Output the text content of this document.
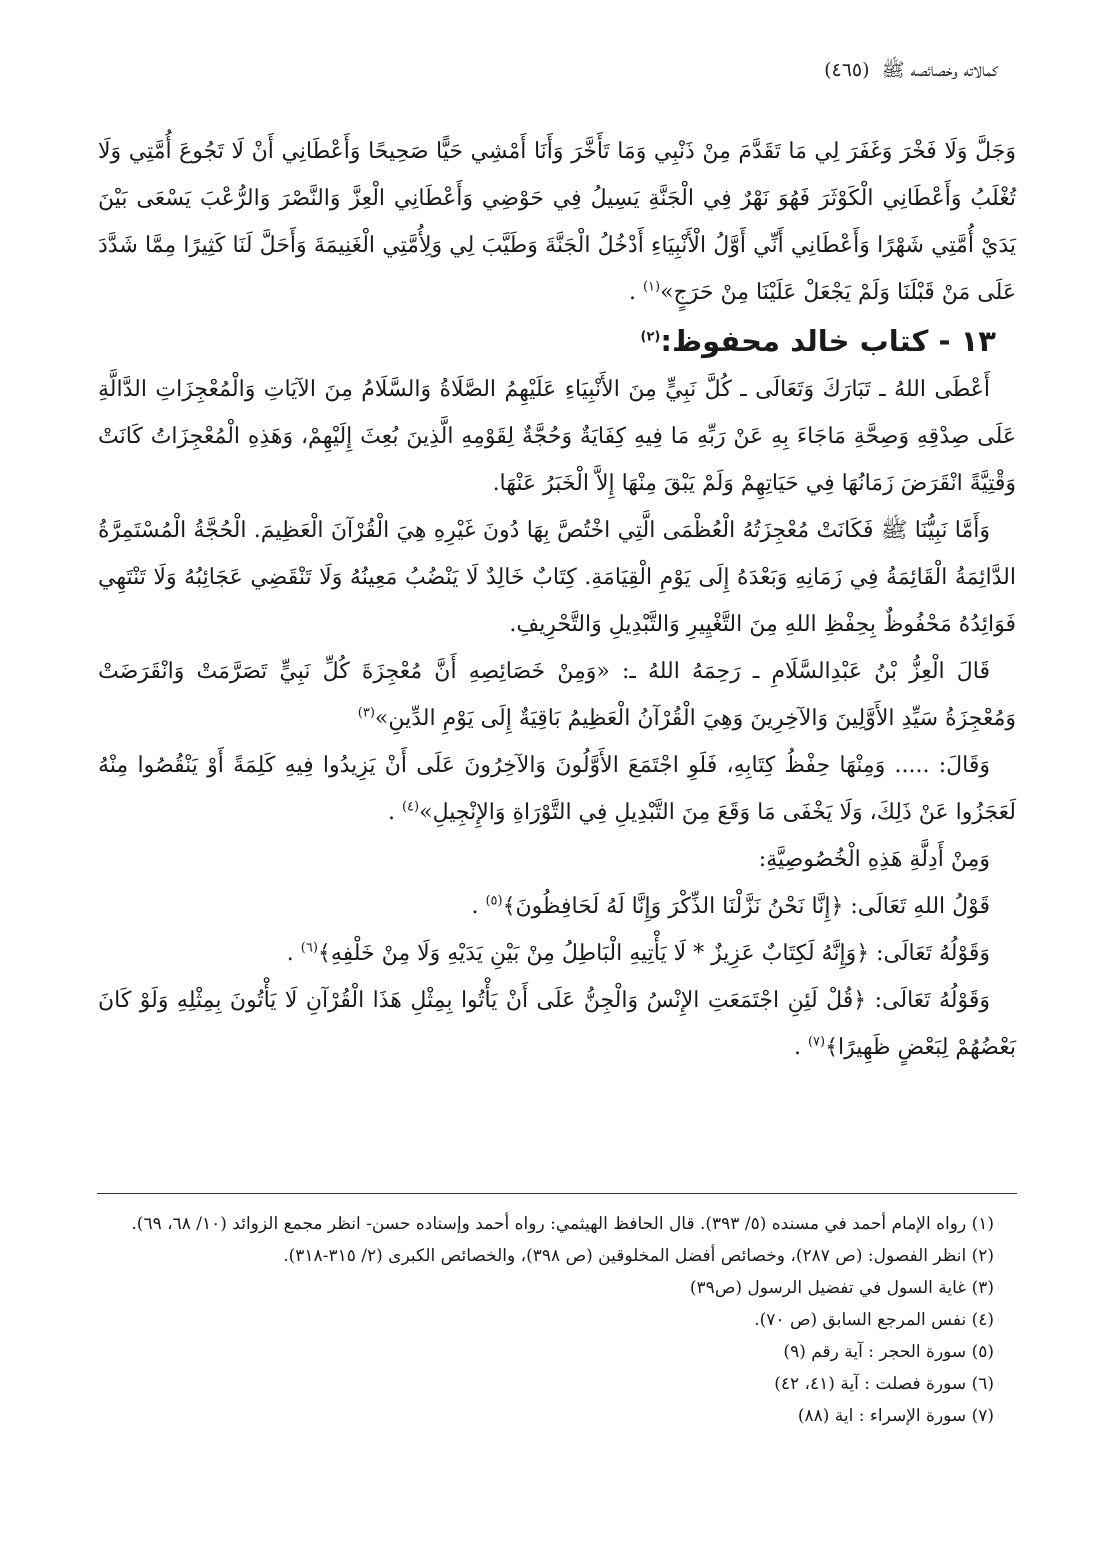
كمالاته وخصائصه ﷺ (٤٦٥)

وَجَلَّ وَلَا فَخْرَ وَغَفَرَ لِي مَا تَقَدَّمَ مِنْ ذَنْبِي وَمَا تَأَخَّرَ وَأَنَا أَمْشِي حَيًّا صَحِيحًا وَأَعْطَانِي أَنْ لَا تَجُوعَ أُمَّتِي وَلَا تُغْلَبُ وَأَعْطَانِي الْكَوْثَرَ فَهُوَ نَهْرٌ فِي الْجَنَّةِ يَسِيلُ فِي حَوْضِي وَأَعْطَانِي الْعِزَّ وَالنَّصْرَ وَالرُّعْبَ يَسْعَى بَيْنَ يَدَيْ أُمَّتِي شَهْرًا وَأَعْطَانِي أَنِّي أَوَّلُ الْأَنْبِيَاءِ أَدْخُلُ الْجَنَّةَ وَطَيَّبَ لِي وَلِأُمَّتِي الْغَنِيمَةَ وَأَحَلَّ لَنَا كَثِيرًا مِمَّا شَدَّدَ عَلَى مَنْ قَبْلَنَا وَلَمْ يَجْعَلْ عَلَيْنَا مِنْ حَرَجٍ»$^{(١)}$ .

١٣ - كتاب خالد محفوظ:$^{(٢)}$

أَعْطَى اللهُ ـ تَبَارَكَ وَتَعَالَى ـ كُلَّ نَبِيٍّ مِنَ الأَنْبِيَاءِ عَلَيْهِمُ الصَّلَاةُ وَالسَّلَامُ مِنَ الآيَاتِ وَالْمُعْجِزَاتِ الدَّالَّةِ عَلَى صِدْقِهِ وَصِحَّةِ مَاجَاءَ بِهِ عَنْ رَبِّهِ مَا فِيهِ كِفَايَةٌ وَحُجَّةٌ لِقَوْمِهِ الَّذِينَ بُعِثَ إِلَيْهِمْ، وَهَذِهِ الْمُعْجِزَاتُ كَانَتْ وَقْتِيَّةً انْقَرَضَ زَمَانُهَا فِي حَيَاتِهِمْ وَلَمْ يَبْقَ مِنْهَا إِلاَّ الْخَبَرُ عَنْهَا.

وَأَمَّا نَبِيُّنَا ﷺ فَكَانَتْ مُعْجِزَتُهُ الْعُظْمَى الَّتِي اخْتُصَّ بِهَا دُونَ غَيْرِهِ هِيَ الْقُرْآنَ الْعَظِيمَ. الْحُجَّةُ الْمُسْتَمِرَّةُ الدَّائِمَةُ الْقَائِمَةُ فِي زَمَانِهِ وَبَعْدَهُ إِلَى يَوْمِ الْقِيَامَةِ. كِتَابٌ خَالِدٌ لَا يَنْضُبُ مَعِينُهُ وَلَا تَنْقَضِي عَجَائِبُهُ وَلَا تَنْتَهِي فَوَائِدُهُ مَحْفُوظٌ بِحِفْظِ اللهِ مِنَ التَّغْيِيرِ وَالتَّبْدِيلِ وَالتَّحْرِيفِ.

قَالَ الْعِزُّ بْنُ عَبْدِالسَّلَامِ ـ رَحِمَهُ اللهُ ـ: «وَمِنْ خَصَائِصِهِ أَنَّ مُعْجِزَةَ كُلِّ نَبِيٍّ تَصَرَّمَتْ وَانْقَرَضَتْ وَمُعْجِزَةُ سَيِّدِ الأَوَّلِينَ وَالآخِرِينَ وَهِيَ الْقُرْآنُ الْعَظِيمُ بَاقِيَةٌ إِلَى يَوْمِ الدِّينِ»$^{(٣)}$

وَقَالَ: ..... وَمِنْهَا حِفْظُ كِتَابِهِ، فَلَوِ اجْتَمَعَ الأَوَّلُونَ وَالآخِرُونَ عَلَى أَنْ يَزِيدُوا فِيهِ كَلِمَةً أَوْ يَنْقُصُوا مِنْهُ لَعَجَزُوا عَنْ ذَلِكَ، وَلَا يَخْفَى مَا وَقَعَ مِنَ التَّبْدِيلِ فِي التَّوْرَاةِ وَالإِنْجِيلِ»$^{(٤)}$ .

وَمِنْ أَدِلَّةِ هَذِهِ الْخُصُوصِيَّةِ:

قَوْلُ اللهِ تَعَالَى: ﴿إِنَّا نَحْنُ نَزَّلْنَا الذِّكْرَ وَإِنَّا لَهُ لَحَافِظُونَ﴾$^{(٥)}$ .

وَقَوْلُهُ تَعَالَى: ﴿وَإِنَّهُ لَكِتَابٌ عَزِيزٌ * لَا يَأْتِيهِ الْبَاطِلُ مِنْ بَيْنِ يَدَيْهِ وَلَا مِنْ خَلْفِهِ﴾$^{(٦)}$ .

وَقَوْلُهُ تَعَالَى: ﴿قُلْ لَئِنِ اجْتَمَعَتِ الإِنْسُ وَالْجِنُّ عَلَى أَنْ يَأْتُوا بِمِثْلِ هَذَا الْقُرْآنِ لَا يَأْتُونَ بِمِثْلِهِ وَلَوْ كَانَ بَعْضُهُمْ لِبَعْضٍ ظَهِيرًا﴾$^{(٧)}$ .

(١) رواه الإمام أحمد في مسنده (٥/ ٣٩٣). قال الحافظ الهيثمي: رواه أحمد وإسناده حسن- انظر مجمع الزوائد (١٠/ ٦٨، ٦٩).
(٢) انظر الفصول: (ص ٢٨٧)، وخصائص أفضل المخلوقين (ص ٣٩٨)، والخصائص الكبرى (٢/ ٣١٥-٣١٨).
(٣) غاية السول في تفضيل الرسول (ص٣٩)
(٤) نفس المرجع السابق (ص ٧٠).
(٥) سورة الحجر : آية رقم (٩)
(٦) سورة فصلت : آية (٤١، ٤٢)
(٧) سورة الإسراء : اية (٨٨)
